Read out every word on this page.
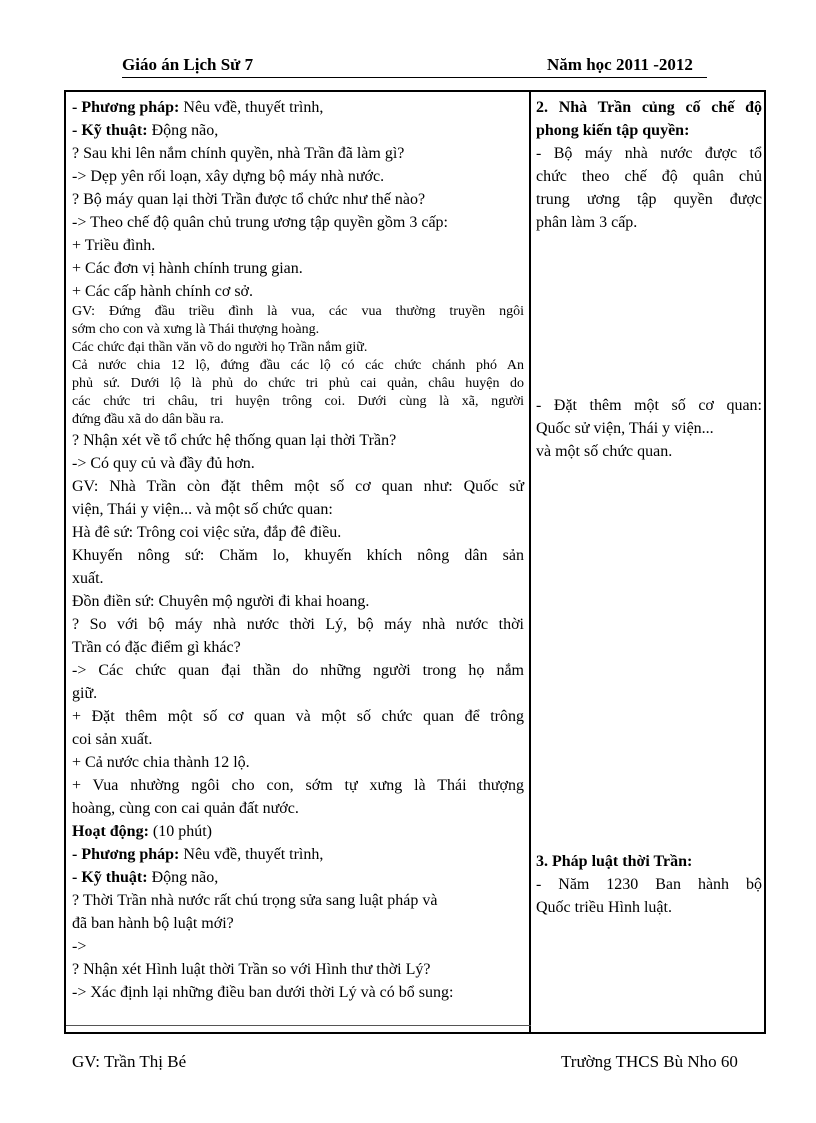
Giáo án Lịch Sử 7	Năm học 2011 -2012
- Phương pháp: Nêu vđề, thuyết trình,
- Kỹ thuật: Động não,
? Sau khi lên nắm chính quyền, nhà Trần đã làm gì?
-> Dẹp yên rối loạn, xây dựng bộ máy nhà nước.
? Bộ máy quan lại thời Trần được tổ chức như thế nào?
-> Theo chế độ quân chủ trung ương tập quyền gồm 3 cấp:
+ Triều đình.
+ Các đơn vị hành chính trung gian.
+ Các cấp hành chính cơ sở.
GV: Đứng đầu triều đình là vua, các vua thường truyền ngôi
sớm cho con và xưng là Thái thượng hoàng.
Các chức đại thần văn võ do người họ Trần nắm giữ.
Cả nước chia 12 lộ, đứng đầu các lộ có các chức chánh phó An
phủ sứ. Dưới lộ là phủ do chức tri phủ cai quản, châu huyện do
các chức tri châu, tri huyện trông coi. Dưới cùng là xã, người
đứng đầu xã do dân bầu ra.
? Nhận xét về tổ chức hệ thống quan lại thời Trần?
-> Có quy củ và đầy đủ hơn.
GV: Nhà Trần còn đặt thêm một số cơ quan như: Quốc sử
viện, Thái y viện... và một số chức quan:
Hà đê sứ: Trông coi việc sửa, đắp đê điều.
Khuyến nông sứ: Chăm lo, khuyến khích nông dân sản
xuất.
Đồn điền sứ: Chuyên mộ người đi khai hoang.
? So với bộ máy nhà nước thời Lý, bộ máy nhà nước thời
Trần có đặc điểm gì khác?
-> Các chức quan đại thần do những người trong họ nắm
giữ.
+ Đặt thêm một số cơ quan và một số chức quan để trông
coi sản xuất.
+ Cả nước chia thành 12 lộ.
+ Vua nhường ngôi cho con, sớm tự xưng là Thái thượng
hoàng, cùng con cai quản đất nước.
Hoạt động: (10 phút)
- Phương pháp: Nêu vđề, thuyết trình,
- Kỹ thuật: Động não,
? Thời Trần nhà nước rất chú trọng sửa sang luật pháp và
đã ban hành bộ luật mới?
->
? Nhận xét Hình luật thời Trần so với Hình thư thời Lý?
-> Xác định lại những điều ban dưới thời Lý và có bổ sung:
2. Nhà Trần củng cố chế độ
phong kiến tập quyền:
- Bộ máy nhà nước được tổ
chức theo chế độ quân chủ
trung ương tập quyền được
phân làm 3 cấp.
- Đặt thêm một số cơ quan:
Quốc sử viện, Thái y viện...
và một số chức quan.
3. Pháp luật thời Trần:
- Năm 1230 Ban hành bộ
Quốc triều Hình luật.
GV: Trần Thị Bé	Trường THCS Bù Nho 60
